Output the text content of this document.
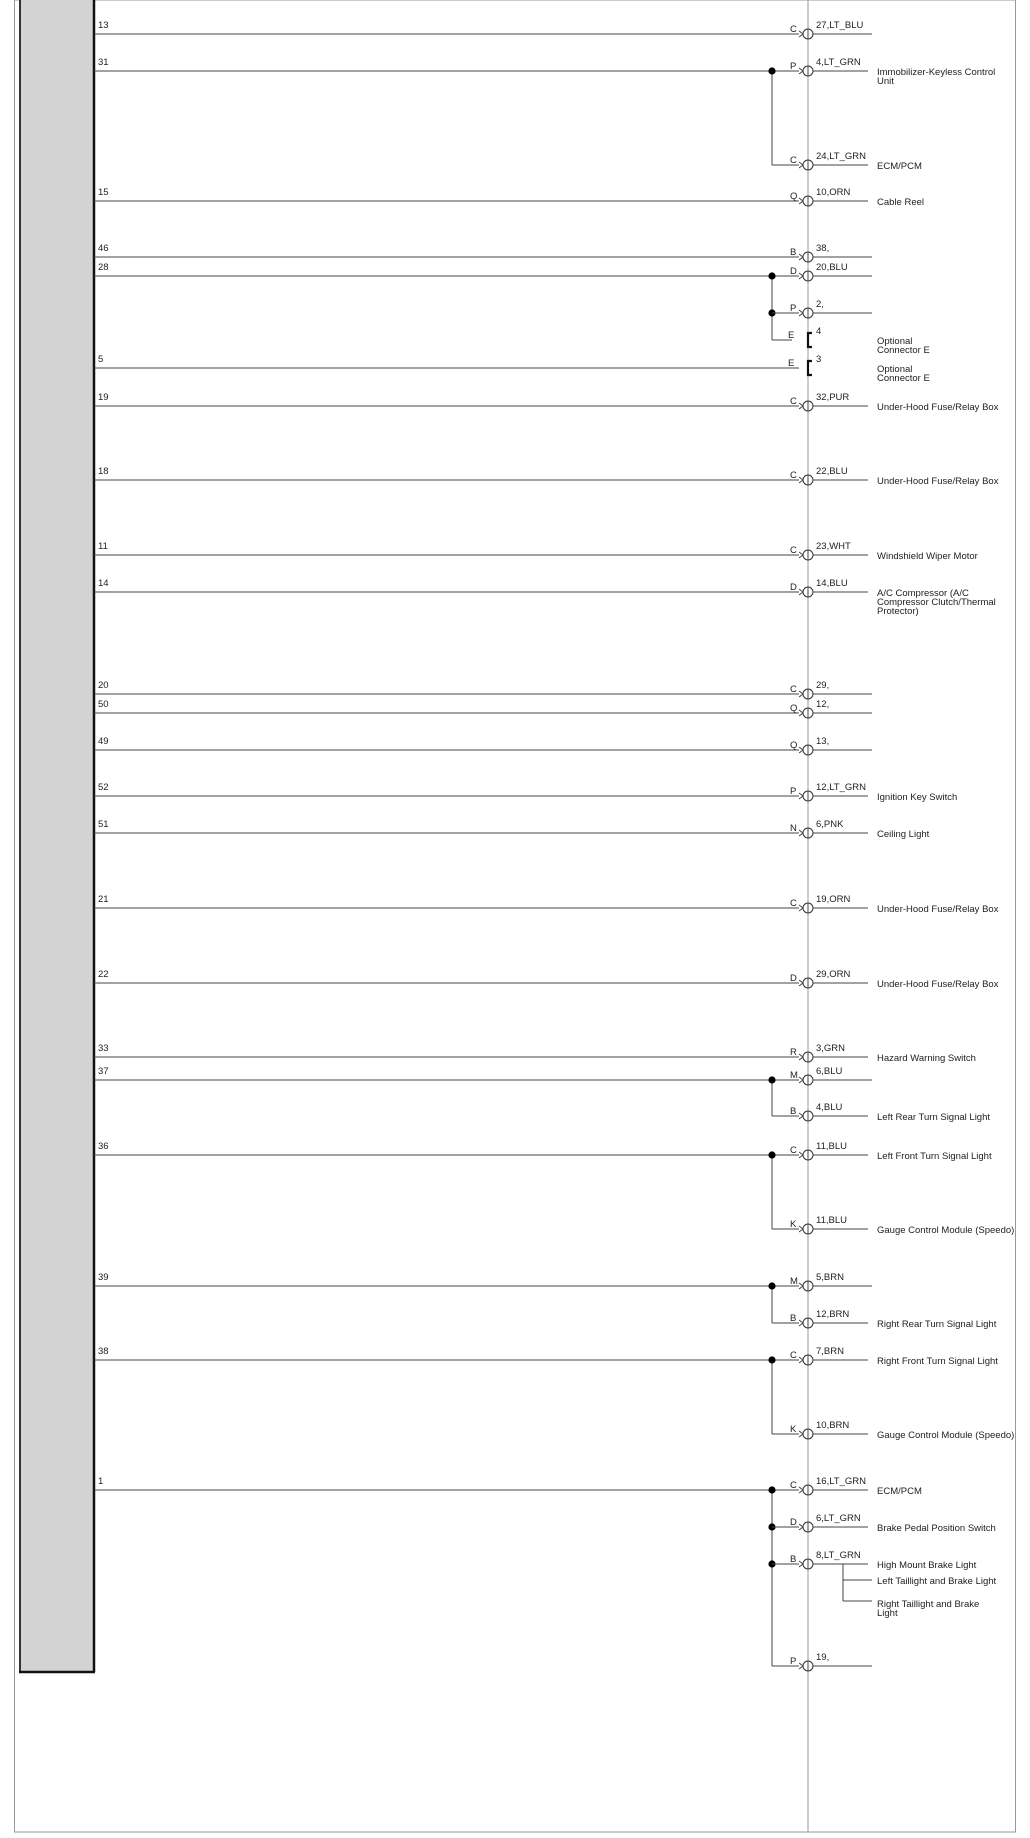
13
31
15
46
28
5
19
18
11
14
20
50
49
52
51
21
22
33
37
36
39
38
1
C 27,LT_BLU
P 4,LT_GRN
Immobilizer-Keyless Control
Unit
C 24,LT_GRN
ECM/PCM
Q 10,ORN
Cable Reel
B 38,
D 20,BLU
P 2,
E 4
Optional
Connector E
E 3
Optional
Connector E
C 32,PUR
Under-Hood Fuse/Relay Box
C 22,BLU
Under-Hood Fuse/Relay Box
C 23,WHT
Windshield Wiper Motor
D 14,BLU
A/C Compressor (A/C
Compressor Clutch/Thermal
Protector)
C 29,
Q 12,
Q 13,
P 12,LT_GRN
Ignition Key Switch
N 6,PNK
Ceiling Light
C 19,ORN
Under-Hood Fuse/Relay Box
D 29,ORN
Under-Hood Fuse/Relay Box
R 3,GRN
Hazard Warning Switch
M 6,BLU
B 4,BLU
Left Rear Turn Signal Light
C 11,BLU
Left Front Turn Signal Light
K 11,BLU
Gauge Control Module (Speedo)
M 5,BRN
B 12,BRN
Right Rear Turn Signal Light
C 7,BRN
Right Front Turn Signal Light
K 10,BRN
Gauge Control Module (Speedo)
C 16,LT_GRN
ECM/PCM
D 6,LT_GRN
Brake Pedal Position Switch
B 8,LT_GRN
High Mount Brake Light
Left Taillight and Brake Light
Right Taillight and Brake
Light
P 19,
